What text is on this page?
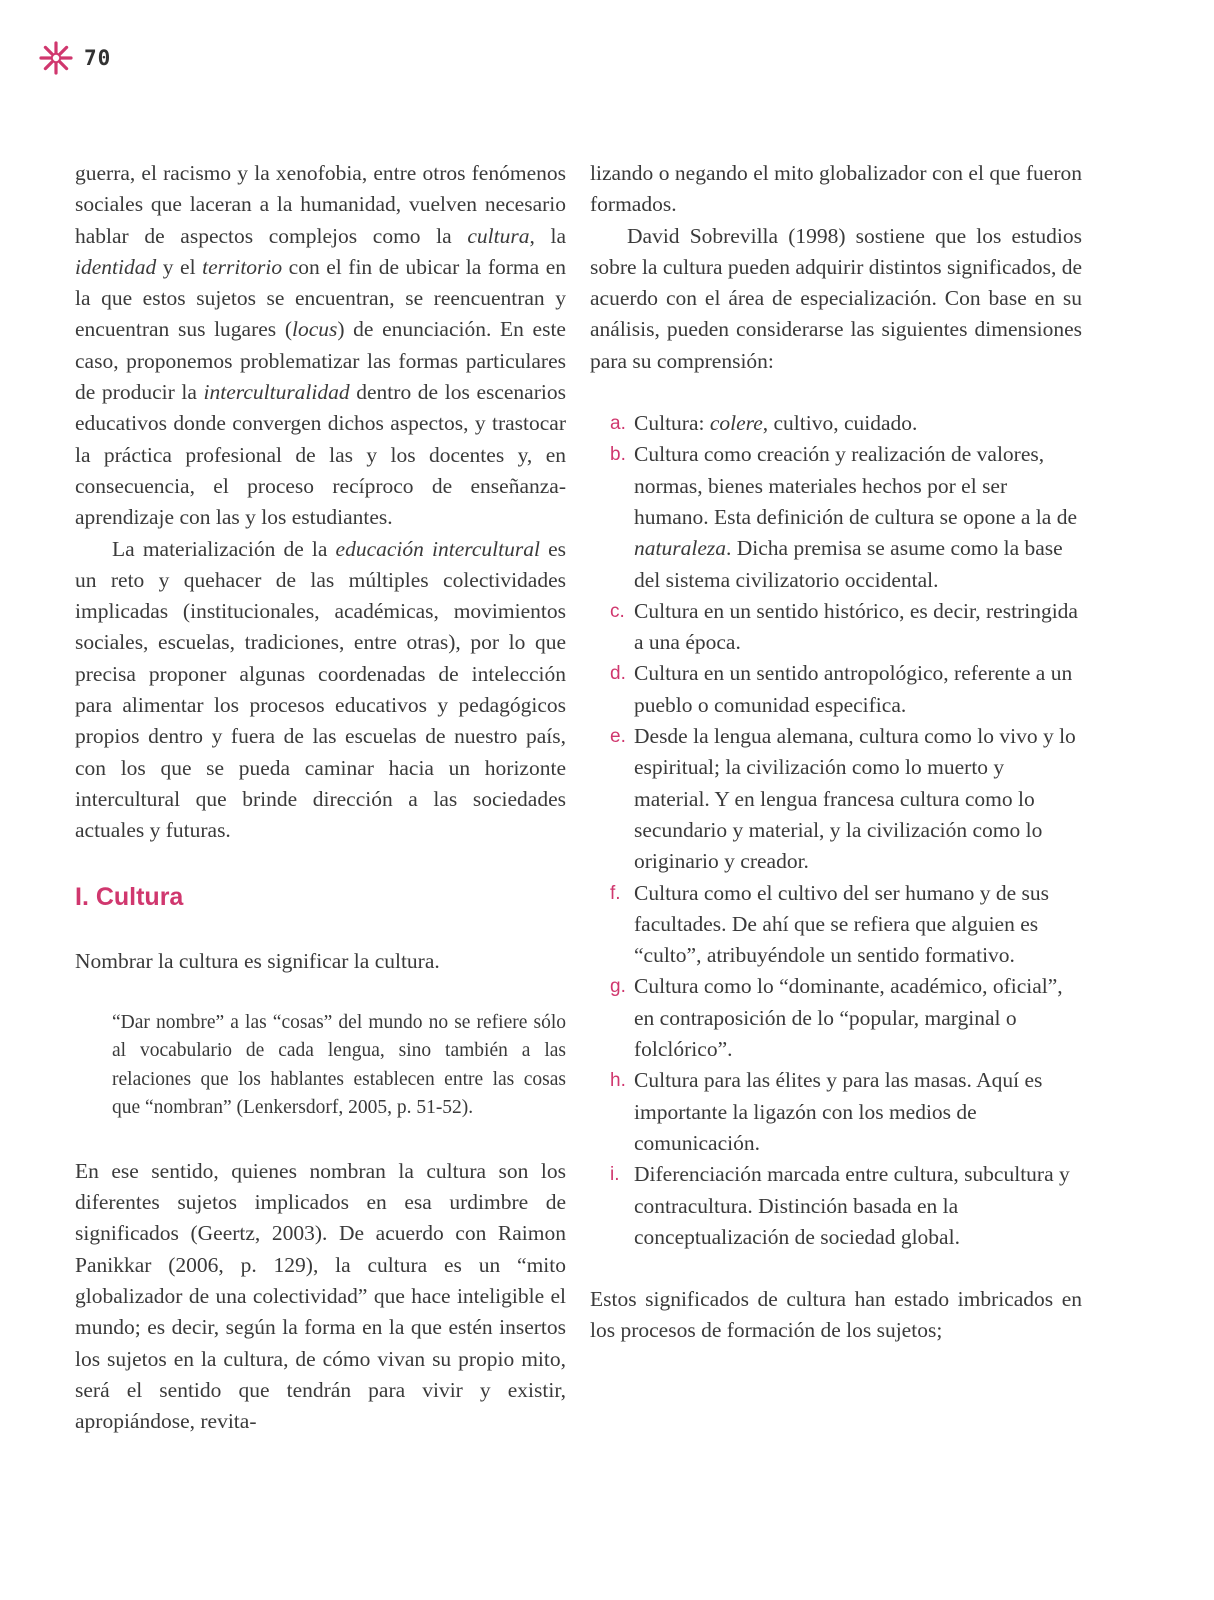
70

guerra, el racismo y la xenofobia, entre otros fenómenos sociales que laceran a la humanidad, vuelven necesario hablar de aspectos complejos como la cultura, la identidad y el territorio con el fin de ubicar la forma en la que estos sujetos se encuentran, se reencuentran y encuentran sus lugares (locus) de enunciación. En este caso, proponemos problematizar las formas particulares de producir la interculturalidad dentro de los escenarios educativos donde convergen dichos aspectos, y trastocar la práctica profesional de las y los docentes y, en consecuencia, el proceso recíproco de enseñanza-aprendizaje con las y los estudiantes.

La materialización de la educación intercultural es un reto y quehacer de las múltiples colectividades implicadas (institucionales, académicas, movimientos sociales, escuelas, tradiciones, entre otras), por lo que precisa proponer algunas coordenadas de intelección para alimentar los procesos educativos y pedagógicos propios dentro y fuera de las escuelas de nuestro país, con los que se pueda caminar hacia un horizonte intercultural que brinde dirección a las sociedades actuales y futuras.

I. Cultura

Nombrar la cultura es significar la cultura.

“Dar nombre” a las “cosas” del mundo no se refiere sólo al vocabulario de cada lengua, sino también a las relaciones que los hablantes establecen entre las cosas que “nombran” (Lenkersdorf, 2005, p. 51-52).

En ese sentido, quienes nombran la cultura son los diferentes sujetos implicados en esa urdimbre de significados (Geertz, 2003). De acuerdo con Raimon Panikkar (2006, p. 129), la cultura es un “mito globalizador de una colectividad” que hace inteligible el mundo; es decir, según la forma en la que estén insertos los sujetos en la cultura, de cómo vivan su propio mito, será el sentido que tendrán para vivir y existir, apropiándose, revita-

lizando o negando el mito globalizador con el que fueron formados.

David Sobrevilla (1998) sostiene que los estudios sobre la cultura pueden adquirir distintos significados, de acuerdo con el área de especialización. Con base en su análisis, pueden considerarse las siguientes dimensiones para su comprensión:

a. Cultura: colere, cultivo, cuidado.
b. Cultura como creación y realización de valores, normas, bienes materiales hechos por el ser humano. Esta definición de cultura se opone a la de naturaleza. Dicha premisa se asume como la base del sistema civilizatorio occidental.
c. Cultura en un sentido histórico, es decir, restringida a una época.
d. Cultura en un sentido antropológico, referente a un pueblo o comunidad especifica.
e. Desde la lengua alemana, cultura como lo vivo y lo espiritual; la civilización como lo muerto y material. Y en lengua francesa cultura como lo secundario y material, y la civilización como lo originario y creador.
f. Cultura como el cultivo del ser humano y de sus facultades. De ahí que se refiera que alguien es “culto”, atribuyéndole un sentido formativo.
g. Cultura como lo “dominante, académico, oficial”, en contraposición de lo “popular, marginal o folclórico”.
h. Cultura para las élites y para las masas. Aquí es importante la ligazón con los medios de comunicación.
i. Diferenciación marcada entre cultura, subcultura y contracultura. Distinción basada en la conceptualización de sociedad global.

Estos significados de cultura han estado imbricados en los procesos de formación de los sujetos;
